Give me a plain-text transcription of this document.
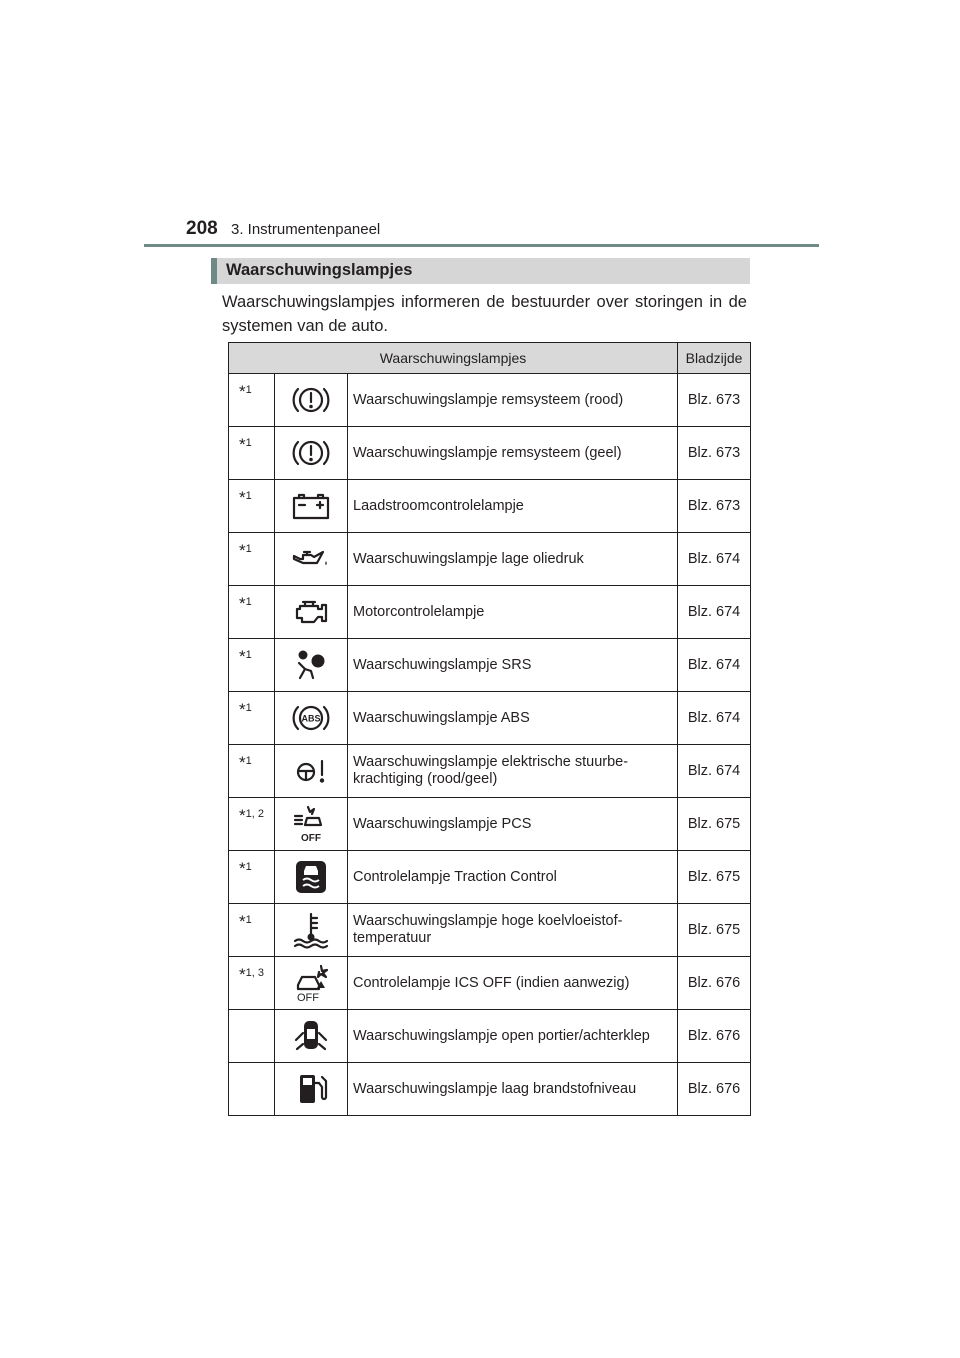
208 3. Instrumentenpaneel
Waarschuwingslampjes
Waarschuwingslampjes informeren de bestuurder over storingen in de systemen van de auto.
Waarschuwingslampjes			Bladzijde

*$^1$		Waarschuwingslampje remsysteem (rood)	Blz. 673

*$^1$		Waarschuwingslampje remsysteem (geel)	Blz. 673

*$^1$		Laadstroomcontrolelampje	Blz. 673

*$^1$		Waarschuwingslampje lage oliedruk	Blz. 674

*$^1$		Motorcontrolelampje	Blz. 674

*$^1$		Waarschuwingslampje SRS	Blz. 674

*$^1$	ABS	Waarschuwingslampje ABS	Blz. 674

*$^1$		Waarschuwingslampje elektrische stuurbe-
krachtiging (rood/geel)	Blz. 674

*$^{1, 2}$	OFF	Waarschuwingslampje PCS	Blz. 675

*$^1$		Controlelampje Traction Control	Blz. 675

*$^1$		Waarschuwingslampje hoge koelvloeistof-
temperatuur	Blz. 675

*$^{1, 3}$	OFF	Controlelampje ICS OFF (indien aanwezig)	Blz. 676
		Waarschuwingslampje open portier/achterklep	Blz. 676
		Waarschuwingslampje laag brandstofniveau	Blz. 676
